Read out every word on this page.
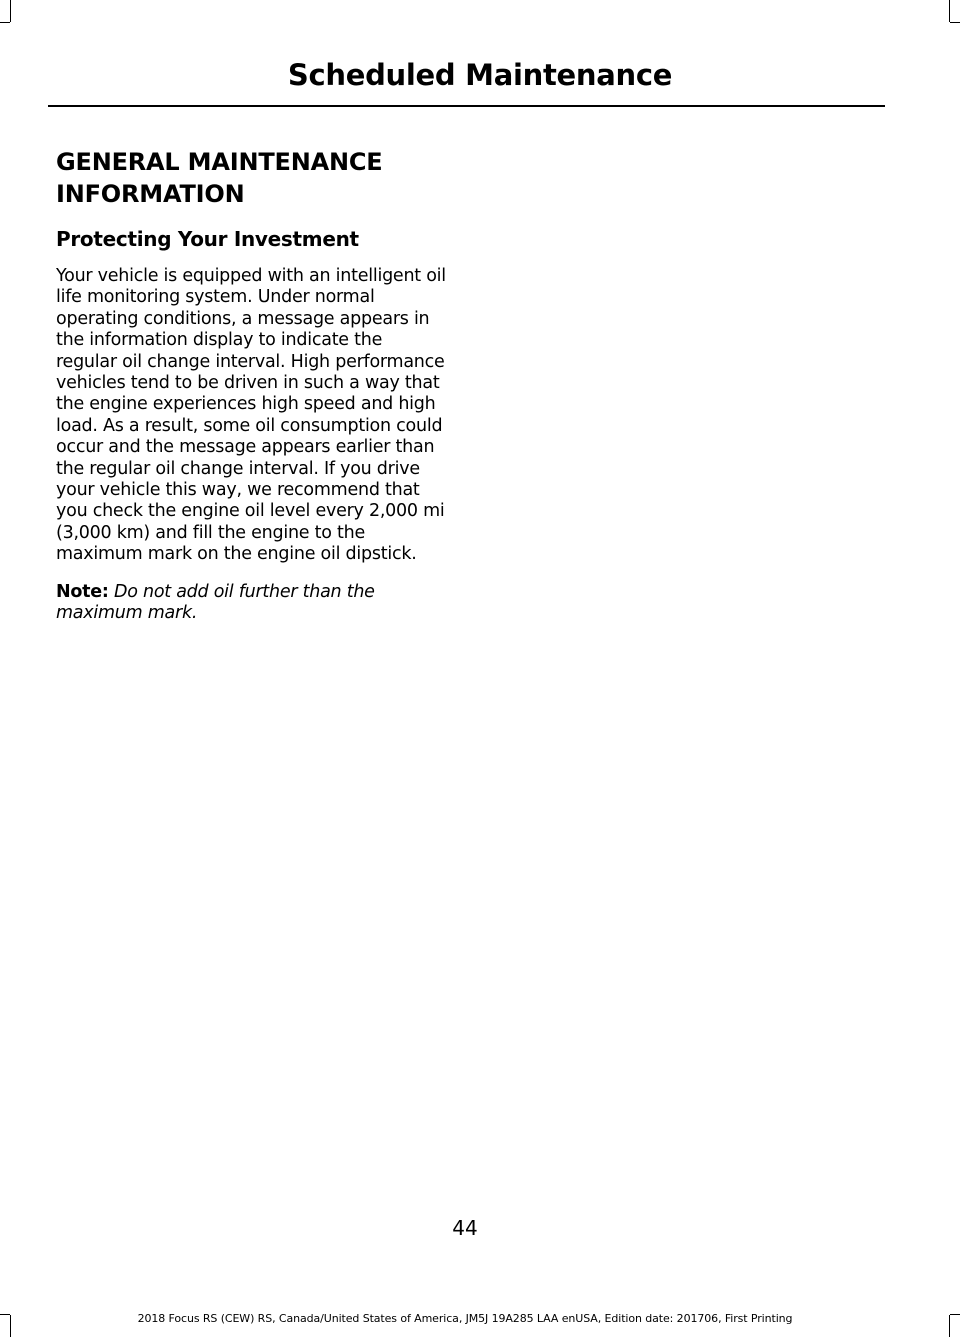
Scheduled Maintenance
GENERAL MAINTENANCE
INFORMATION
Protecting Your Investment

Your vehicle is equipped with an intelligent oil life monitoring system. Under normal operating conditions, a message appears in the information display to indicate the regular oil change interval. High performance vehicles tend to be driven in such a way that the engine experiences high speed and high load. As a result, some oil consumption could occur and the message appears earlier than the regular oil change interval. If you drive your vehicle this way, we recommend that you check the engine oil level every 2,000 mi (3,000 km) and fill the engine to the maximum mark on the engine oil dipstick.

Note: Do not add oil further than the maximum mark.

44
2018 Focus RS (CEW) RS, Canada/United States of America, JM5J 19A285 LAA enUSA, Edition date: 201706, First Printing
